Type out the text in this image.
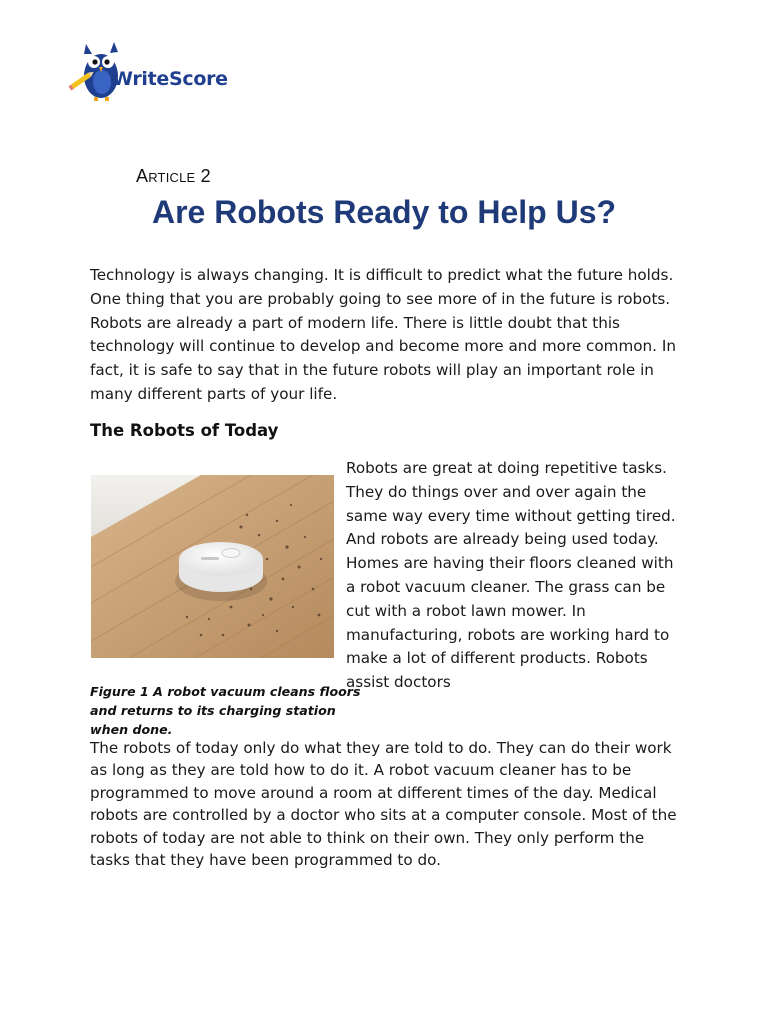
WriteScore
Article 2
Are Robots Ready to Help Us?

Technology is always changing. It is difficult to predict what the future holds. One thing that you are probably going to see more of in the future is robots. Robots are already a part of modern life. There is little doubt that this technology will continue to develop and become more and more common. In fact, it is safe to say that in the future robots will play an important role in many different parts of your life.

The Robots of Today

Figure 1 A robot vacuum cleans floors and returns to its charging station when done.

Robots are great at doing repetitive tasks. They do things over and over again the same way every time without getting tired. And robots are already being used today. Homes are having their floors cleaned with a robot vacuum cleaner. The grass can be cut with a robot lawn mower. In manufacturing, robots are working hard to make a lot of different products. Robots assist doctors

The robots of today only do what they are told to do. They can do their work as long as they are told how to do it. A robot vacuum cleaner has to be programmed to move around a room at different times of the day. Medical robots are controlled by a doctor who sits at a computer console. Most of the robots of today are not able to think on their own. They only perform the tasks that they have been programmed to do.
